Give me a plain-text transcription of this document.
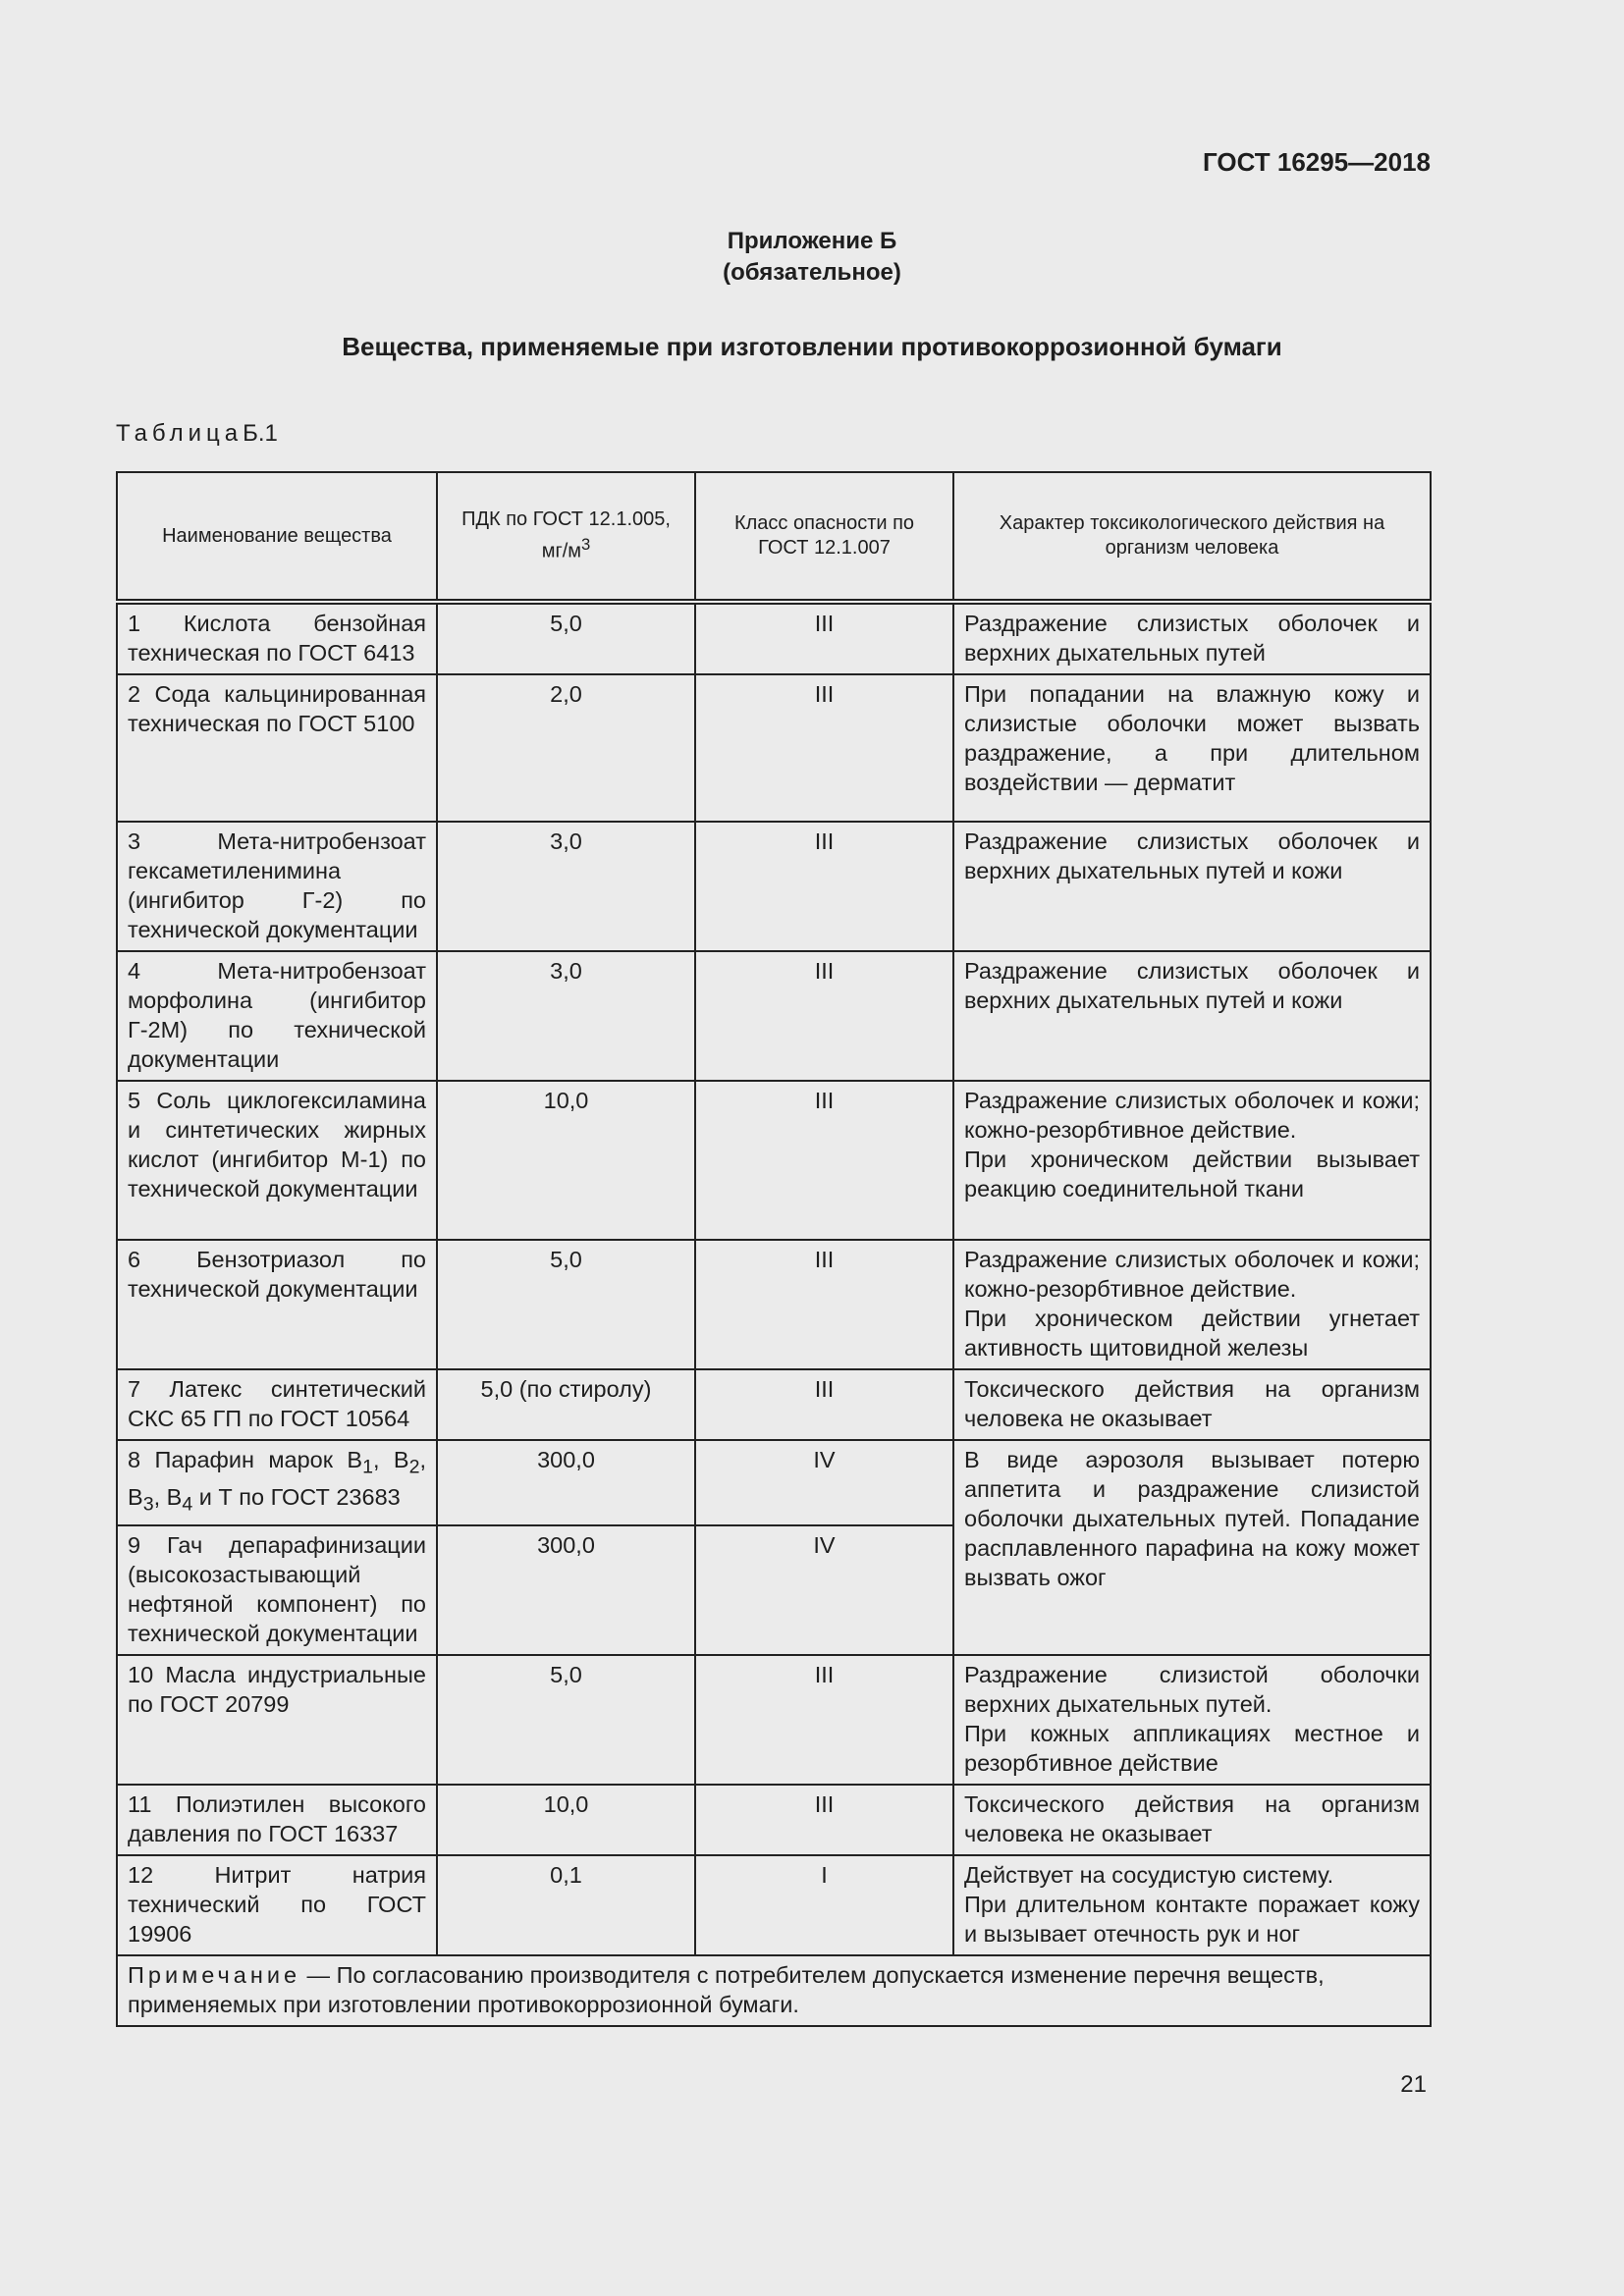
ГОСТ 16295—2018
Приложение Б
(обязательное)
Вещества, применяемые при изготовлении противокоррозионной бумаги
ТаблицаБ.1
Наименование вещества	ПДК по ГОСТ 12.1.005, $мг/м^3$	Класс опасности по ГОСТ 12.1.007	Характер токсикологического действия на организм человека
1 Кислота бензойная техническая по ГОСТ 6413	5,0	III	Раздражение слизистых оболочек и верхних дыхательных путей
2 Сода кальцинированная техническая по ГОСТ 5100	2,0	III	При попадании на влажную кожу и слизистые оболочки может вызвать раздражение, а при длительном воздействии — дерматит
3 Мета-нитробензоат гексаметиленимина (ингибитор Г-2) по технической документации	3,0	III	Раздражение слизистых оболочек и верхних дыхательных путей и кожи
4 Мета-нитробензоат морфолина (ингибитор Г-2М) по технической документации	3,0	III	Раздражение слизистых оболочек и верхних дыхательных путей и кожи
5 Соль циклогексиламина и синтетических жирных кислот (ингибитор М-1) по технической документации	10,0	III	Раздражение слизистых оболочек и кожи; кожно-резорбтивное действие.

При хроническом действии вызывает реакцию соединительной ткани

6 Бензотриазол по технической документации	5,0	III	Раздражение слизистых оболочек и кожи; кожно-резорбтивное действие.

При хроническом действии угнетает активность щитовидной железы

7 Латекс синтетический СКС 65 ГП по ГОСТ 10564	5,0 (по стиролу)	III	Токсического действия на организм человека не оказывает
8 Парафин марок $В_1$, $В_2$, $В_3$, $В_4$ и Т по ГОСТ 23683	300,0	IV	В виде аэрозоля вызывает потерю аппетита и раздражение слизистой оболочки дыхательных путей. Попадание расплавленного парафина на кожу может вызвать ожог
9 Гач депарафинизации (высокозастывающий нефтяной компонент) по технической документации	300,0	IV	
10 Масла индустриальные по ГОСТ 20799	5,0	III	Раздражение слизистой оболочки верхних дыхательных путей.

При кожных аппликациях местное и резорбтивное действие

11 Полиэтилен высокого давления по ГОСТ 16337	10,0	III	Токсического действия на организм человека не оказывает
12 Нитрит натрия технический по ГОСТ 19906	0,1	I	Действует на сосудистую систему.

При длительном контакте поражает кожу и вызывает отечность рук и ног

Примечание — По согласованию производителя с потребителем допускается изменение перечня веществ, применяемых при изготовлении противокоррозионной бумаги.			
21
